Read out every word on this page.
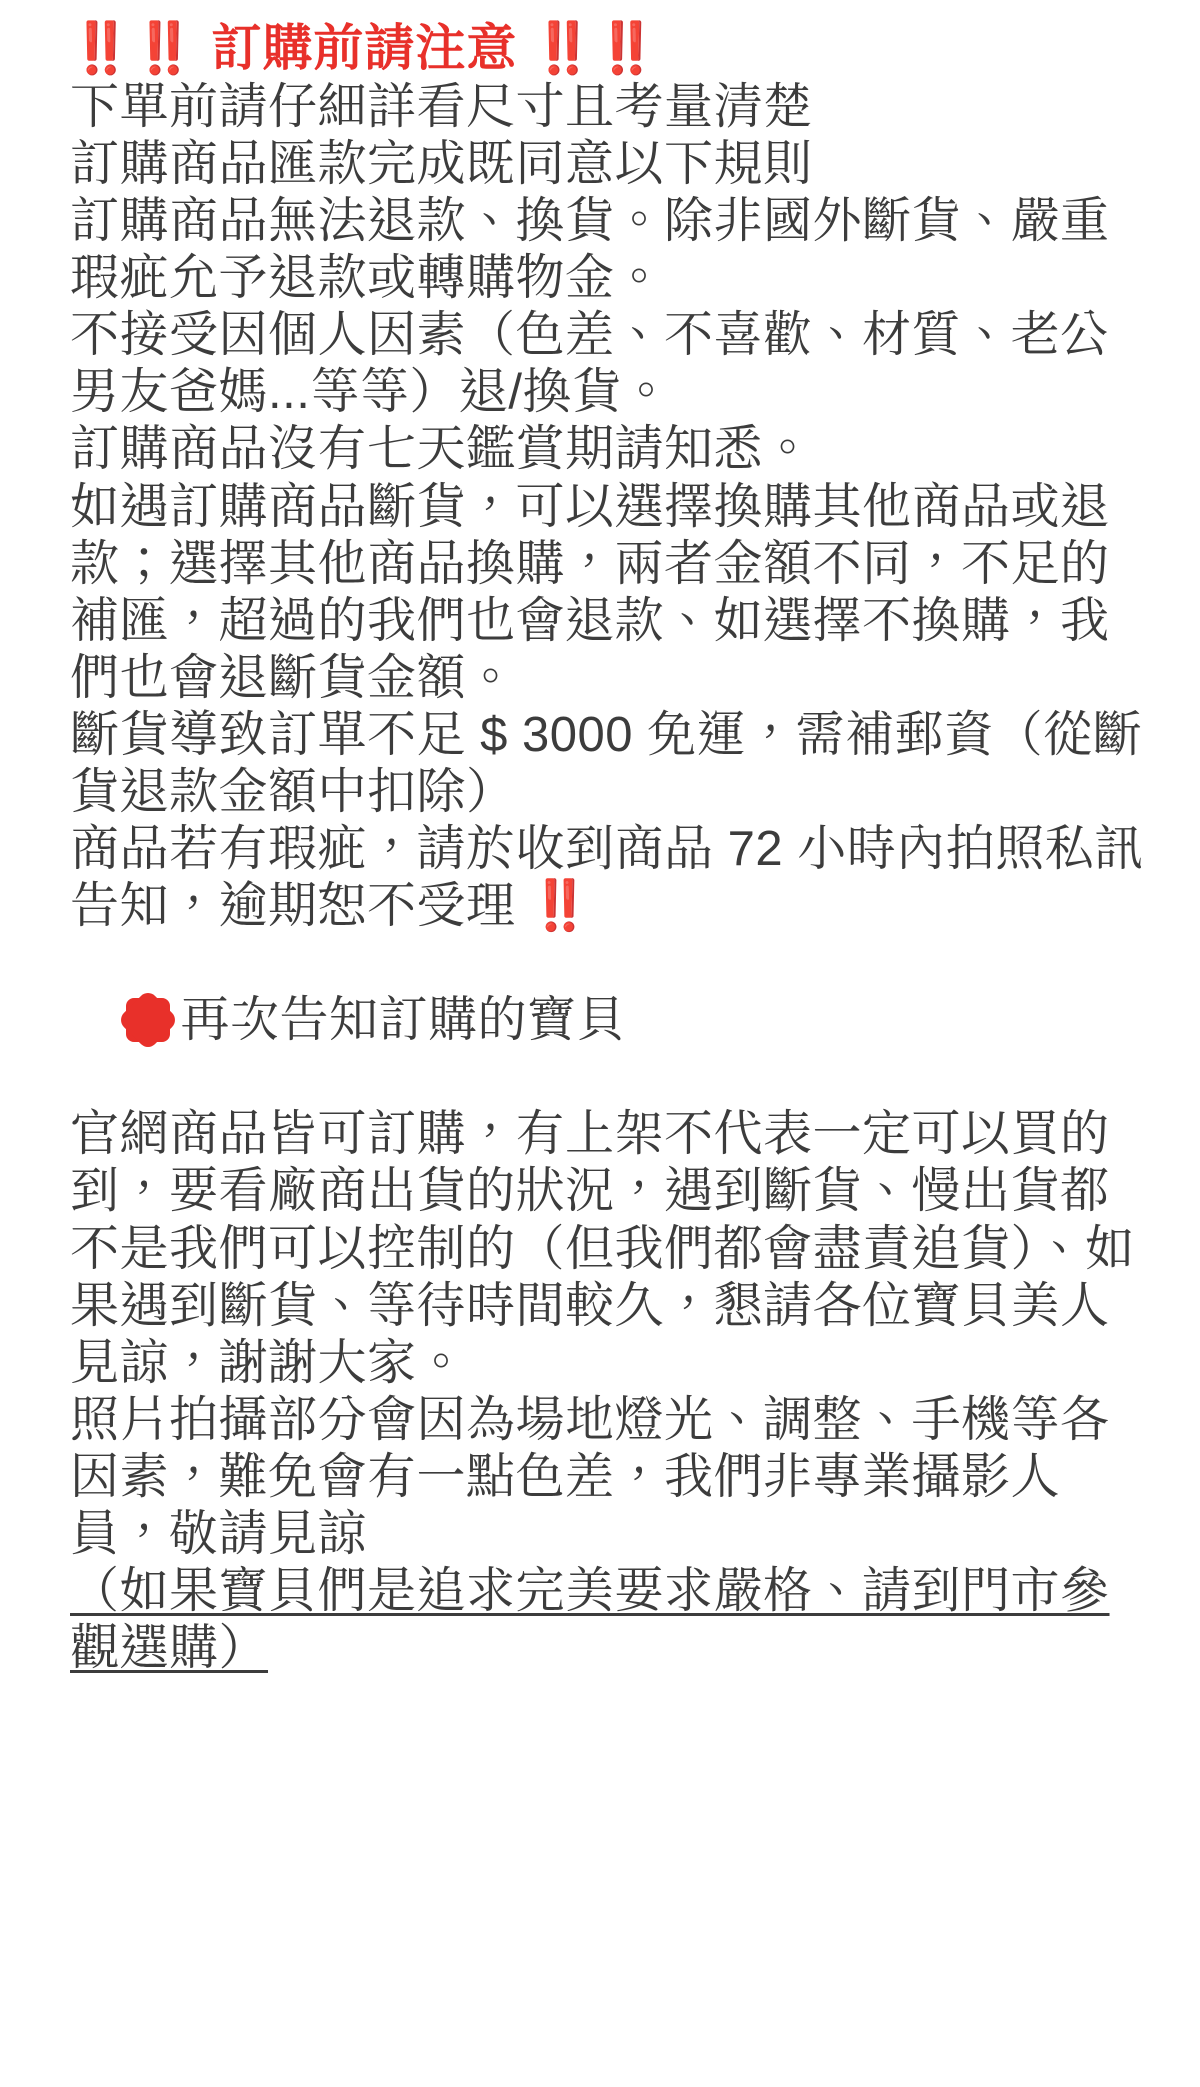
‼️‼️ 訂購前請注意 ‼️‼️
下單前請仔細詳看尺寸且考量清楚
訂購商品匯款完成既同意以下規則
訂購商品無法退款、換貨。除非國外斷貨、嚴重瑕疵允予退款或轉購物金。
不接受因個人因素（色差、不喜歡、材質、老公男友爸媽...等等）退/換貨。
訂購商品沒有七天鑑賞期請知悉。
如遇訂購商品斷貨，可以選擇換購其他商品或退款；選擇其他商品換購，兩者金額不同，不足的補匯，超過的我們也會退款、如選擇不換購，我們也會退斷貨金額。
斷貨導致訂單不足 $ 3000 免運，需補郵資（從斷貨退款金額中扣除）
商品若有瑕疵，請於收到商品 72 小時內拍照私訊告知，逾期恕不受理 ‼️

再次告知訂購的寶貝

官網商品皆可訂購，有上架不代表一定可以買的到，要看廠商出貨的狀況，遇到斷貨、慢出貨都不是我們可以控制的（但我們都會盡責追貨）、如果遇到斷貨、等待時間較久，懇請各位寶貝美人見諒，謝謝大家。
照片拍攝部分會因為場地燈光、調整、手機等各因素，難免會有一點色差，我們非專業攝影人員，敬請見諒
（如果寶貝們是追求完美要求嚴格、請到門市參觀選購）
